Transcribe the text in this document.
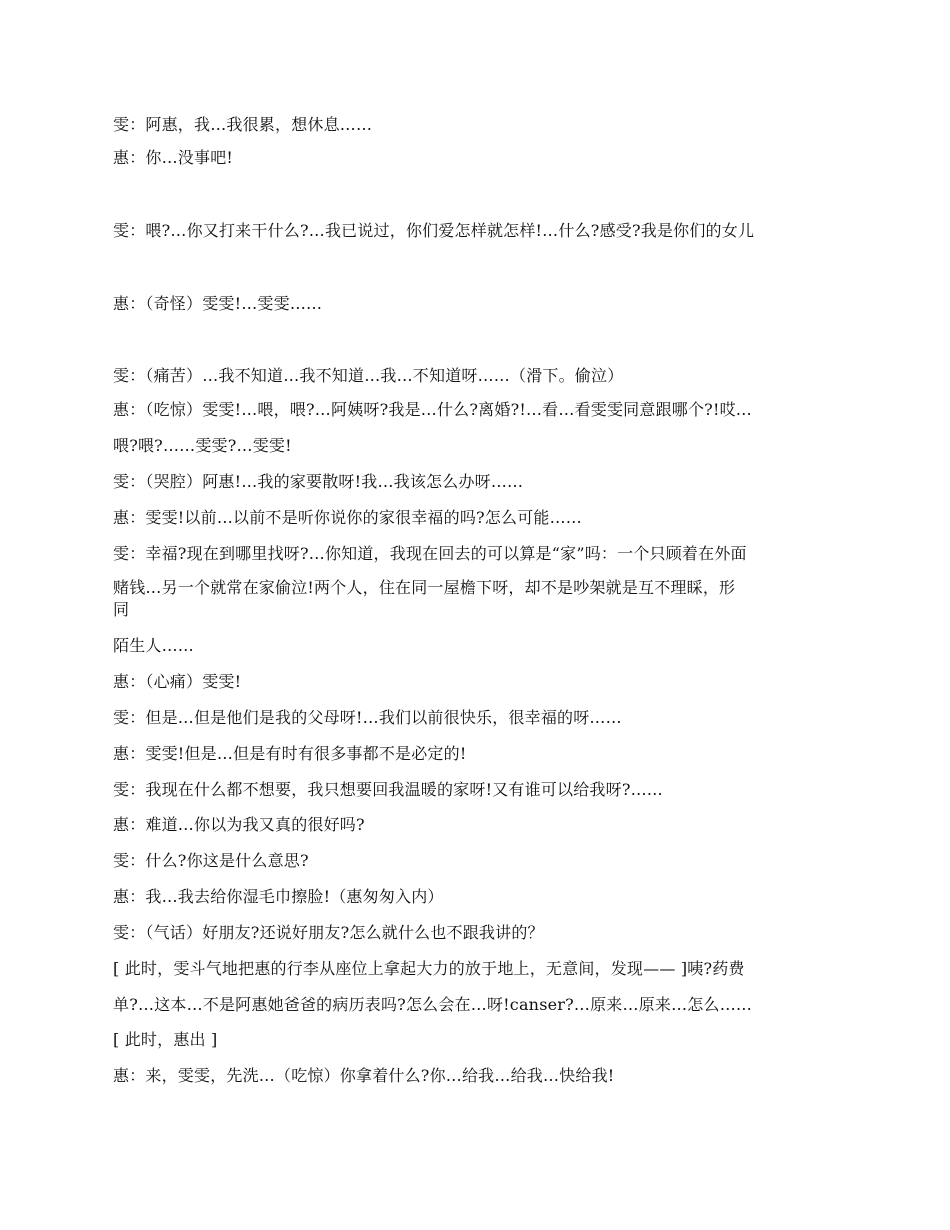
雯：阿惠，我…我很累，想休息……
惠：你…没事吧!
雯：喂?…你又打来干什么?…我已说过，你们爱怎样就怎样!…什么?感受?我是你们的女儿
惠：（奇怪）雯雯!…雯雯……
雯：（痛苦）…我不知道…我不知道…我…不知道呀……（滑下。偷泣）
惠：（吃惊）雯雯!…喂，喂?…阿姨呀?我是…什么?离婚?!…看…看雯雯同意跟哪个?!哎…
喂?喂?……雯雯?…雯雯!
雯：（哭腔）阿惠!…我的家要散呀!我…我该怎么办呀……
惠：雯雯!以前…以前不是听你说你的家很幸福的吗?怎么可能……
雯：幸福?现在到哪里找呀?…你知道，我现在回去的可以算是“家”吗：一个只顾着在外面
赌钱…另一个就常在家偷泣!两个人，住在同一屋檐下呀，却不是吵架就是互不理睬，形
同
陌生人……
惠：（心痛）雯雯!
雯：但是…但是他们是我的父母呀!…我们以前很快乐，很幸福的呀……
惠：雯雯!但是…但是有时有很多事都不是必定的!
雯：我现在什么都不想要，我只想要回我温暖的家呀!又有谁可以给我呀?……
惠：难道…你以为我又真的很好吗?
雯：什么?你这是什么意思?
惠：我…我去给你湿毛巾擦脸!（惠匆匆入内）
雯：（气话）好朋友?还说好朋友?怎么就什么也不跟我讲的？
[ 此时，雯斗气地把惠的行李从座位上拿起大力的放于地上，无意间，发现—— ]咦?药费
单?…这本…不是阿惠她爸爸的病历表吗?怎么会在…呀!canser?…原来…原来…怎么……
[ 此时，惠出 ]
惠：来，雯雯，先洗…（吃惊）你拿着什么?你…给我…给我…快给我!
